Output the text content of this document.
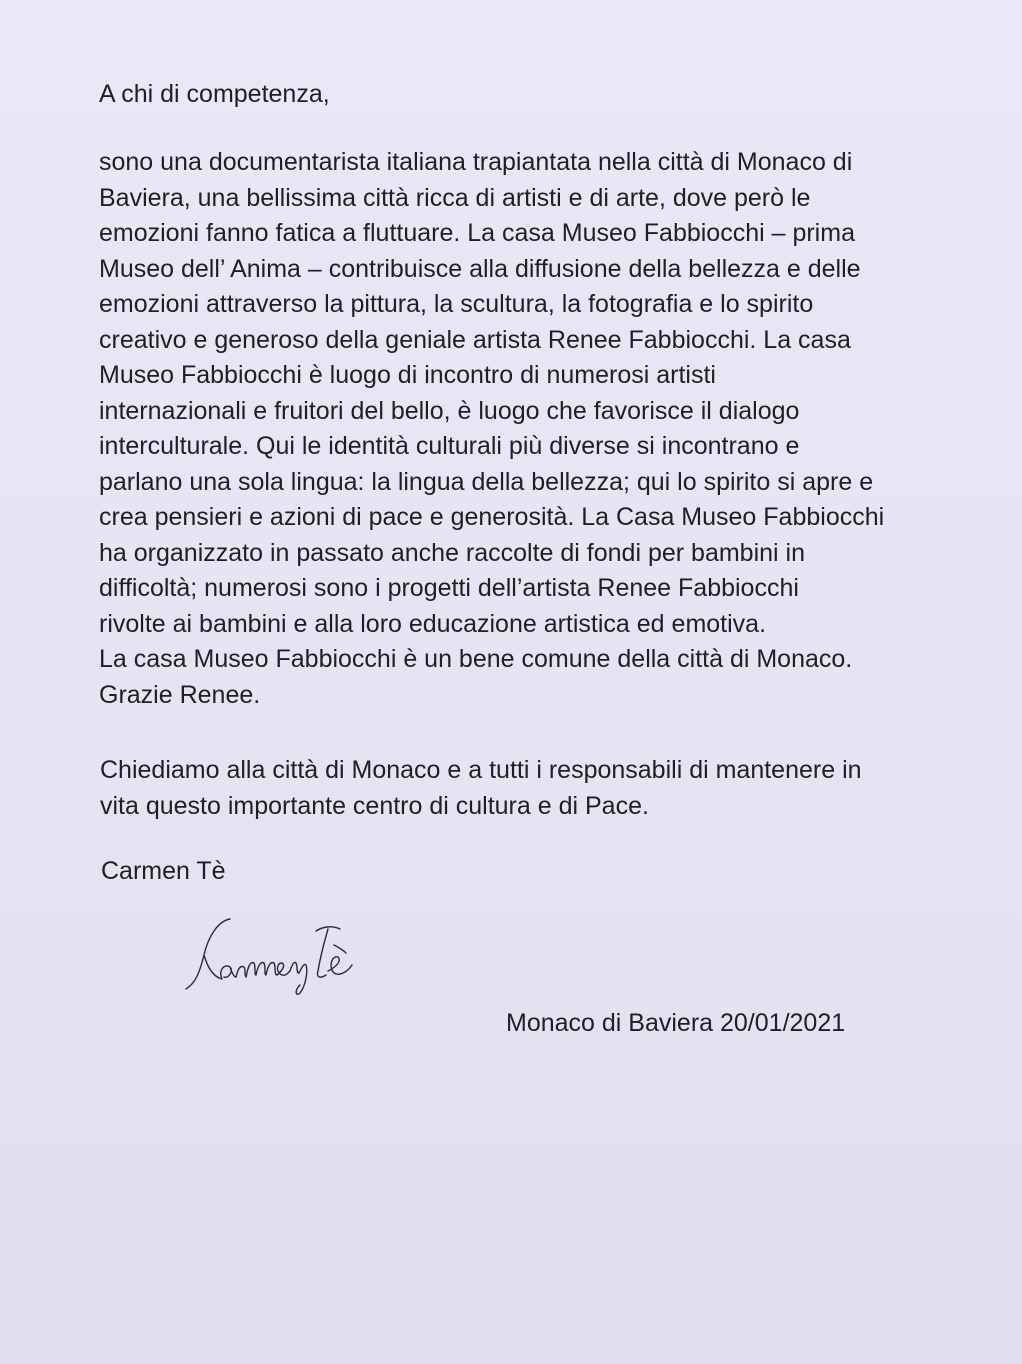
A chi di competenza,

sono una documentarista italiana trapiantata nella città di Monaco di
Baviera, una bellissima città ricca di artisti e di arte, dove però le
emozioni fanno fatica a fluttuare. La casa Museo Fabbiocchi – prima
Museo dell’ Anima – contribuisce alla diffusione della bellezza e delle
emozioni attraverso la pittura, la scultura, la fotografia e lo spirito
creativo e generoso della geniale artista Renee Fabbiocchi. La casa
Museo Fabbiocchi è luogo di incontro di numerosi artisti
internazionali e fruitori del bello, è luogo che favorisce il dialogo
interculturale. Qui le identità culturali più diverse si incontrano e
parlano una sola lingua: la lingua della bellezza; qui lo spirito si apre e
crea pensieri e azioni di pace e generosità. La Casa Museo Fabbiocchi
ha organizzato in passato anche raccolte di fondi per bambini in
difficoltà; numerosi sono i progetti dell’artista Renee Fabbiocchi
rivolte ai bambini e alla loro educazione artistica ed emotiva.
La casa Museo Fabbiocchi è un bene comune della città di Monaco.
Grazie Renee.
Chiediamo alla città di Monaco e a tutti i responsabili di mantenere in
vita questo importante centro di cultura e di Pace.

Carmen Tè

Monaco di Baviera 20/01/2021
